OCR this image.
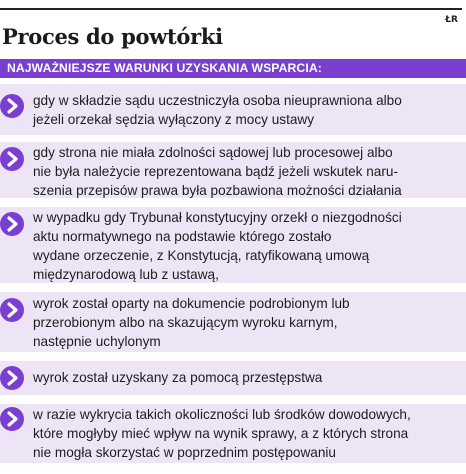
ŁR
Proces do powtórki
NAJWAŻNIEJSZE WARUNKI UZYSKANIA WSPARCIA:
gdy w składzie sądu uczestniczyła osoba nieuprawniona albo
jeżeli orzekał sędzia wyłączony z mocy ustawy
gdy strona nie miała zdolności sądowej lub procesowej albo
nie była należycie reprezentowana bądź jeżeli wskutek naru-
szenia przepisów prawa była pozbawiona możności działania
w wypadku gdy Trybunał konstytucyjny orzekł o niezgodności
aktu normatywnego na podstawie którego zostało
wydane orzeczenie, z Konstytucją, ratyfikowaną umową
międzynarodową lub z ustawą,
wyrok został oparty na dokumencie podrobionym lub
przerobionym albo na skazującym wyroku karnym,
następnie uchylonym
wyrok został uzyskany za pomocą przestępstwa
w razie wykrycia takich okoliczności lub środków dowodowych,
które mogłyby mieć wpływ na wynik sprawy, a z których strona
nie mogła skorzystać w poprzednim postępowaniu
